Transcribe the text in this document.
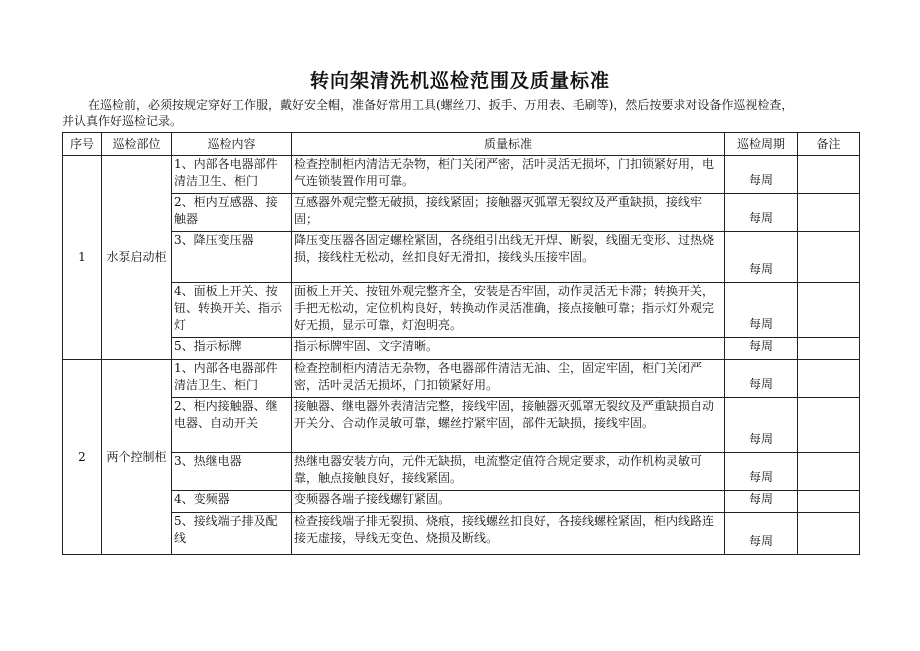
转向架清洗机巡检范围及质量标准
在巡检前，必须按规定穿好工作服，戴好安全帽，准备好常用工具(螺丝刀、扳手、万用表、毛刷等)，然后按要求对设备作巡视检查，
并认真作好巡检记录。
序号	巡检部位	巡检内容	质量标准	巡检周期	备注
1	水泵启动柜	1、内部各电器部件清洁卫生、柜门	检查控制柜内清洁无杂物，柜门关闭严密，活叶灵活无损坏，门扣锁紧好用，电气连锁装置作用可靠。	每周	
		2、柜内互感器、接触器	互感器外观完整无破损，接线紧固；接触器灭弧罩无裂纹及严重缺损，接线牢固；	每周	
		3、降压变压器	降压变压器各固定螺栓紧固，各绕组引出线无开焊、断裂，线圈无变形、过热烧损，接线柱无松动，丝扣良好无滑扣，接线头压接牢固。	每周	
		4、面板上开关、按钮、转换开关、指示灯	面板上开关、按钮外观完整齐全，安装是否牢固，动作灵活无卡滞；转换开关，手把无松动，定位机构良好，转换动作灵活准确，接点接触可靠；指示灯外观完好无损，显示可靠，灯泡明亮。	每周	
		5、指示标牌	指示标牌牢固、文字清晰。	每周	
2	两个控制柜	1、内部各电器部件清洁卫生、柜门	检查控制柜内清洁无杂物，各电器部件清洁无油、尘，固定牢固，柜门关闭严密，活叶灵活无损坏，门扣锁紧好用。	每周	
		2、柜内接触器、继电器、自动开关	接触器、继电器外表清洁完整，接线牢固，接触器灭弧罩无裂纹及严重缺损自动开关分、合动作灵敏可靠，螺丝拧紧牢固，部件无缺损，接线牢固。	每周	
		3、热继电器	热继电器安装方向，元件无缺损，电流整定值符合规定要求，动作机构灵敏可靠，触点接触良好，接线紧固。	每周	
		4、变频器	变频器各端子接线螺钉紧固。	每周	
		5、接线端子排及配线	检查接线端子排无裂损、烧痕，接线螺丝扣良好，各接线螺栓紧固，柜内线路连接无虚接，导线无变色、烧损及断线。	每周	
